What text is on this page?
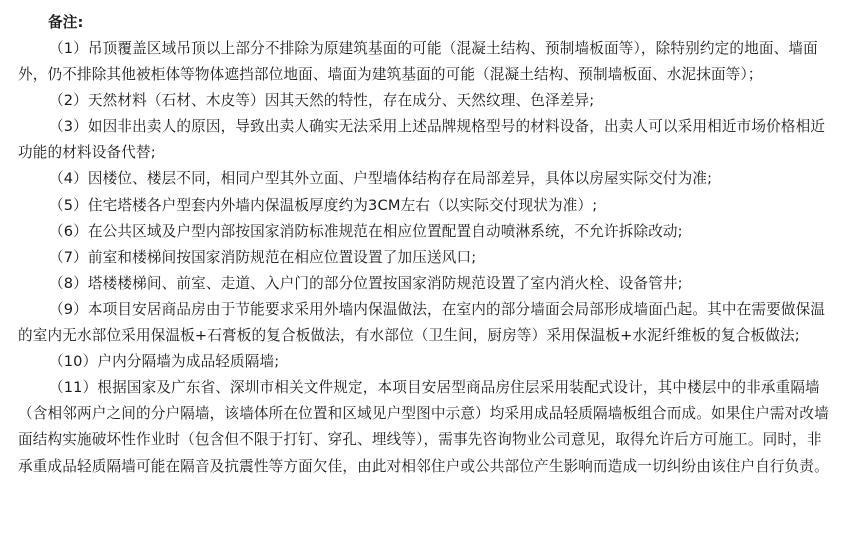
备注:

（1）吊顶覆盖区域吊顶以上部分不排除为原建筑基面的可能（混凝土结构、预制墙板面等），除特别约定的地面、墙面外，仍不排除其他被柜体等物体遮挡部位地面、墙面为建筑基面的可能（混凝土结构、预制墙板面、水泥抹面等）；

（2）天然材料（石材、木皮等）因其天然的特性，存在成分、天然纹理、色泽差异;

（3）如因非出卖人的原因，导致出卖人确实无法采用上述品牌规格型号的材料设备，出卖人可以采用相近市场价格相近功能的材料设备代替;

（4）因楼位、楼层不同，相同户型其外立面、户型墙体结构存在局部差异，具体以房屋实际交付为准;

（5）住宅塔楼各户型套内外墙内保温板厚度约为3CM左右（以实际交付现状为准）;

（6）在公共区域及户型内部按国家消防标准规范在相应位置配置自动喷淋系统，不允许拆除改动;

（7）前室和楼梯间按国家消防规范在相应位置设置了加压送风口;

（8）塔楼楼梯间、前室、走道、入户门的部分位置按国家消防规范设置了室内消火栓、设备管井;

（9）本项目安居商品房由于节能要求采用外墙内保温做法，在室内的部分墙面会局部形成墙面凸起。其中在需要做保温的室内无水部位采用保温板+石膏板的复合板做法，有水部位（卫生间，厨房等）采用保温板+水泥纤维板的复合板做法;

（10）户内分隔墙为成品轻质隔墙;

（11）根据国家及广东省、深圳市相关文件规定，本项目安居型商品房住层采用装配式设计，其中楼层中的非承重隔墙（含相邻两户之间的分户隔墙，该墙体所在位置和区域见户型图中示意）均采用成品轻质隔墙板组合而成。如果住户需对改墙面结构实施破坏性作业时（包含但不限于打钉、穿孔、埋线等），需事先咨询物业公司意见，取得允许后方可施工。同时，非承重成品轻质隔墙可能在隔音及抗震性等方面欠佳，由此对相邻住户或公共部位产生影响而造成一切纠纷由该住户自行负责。
